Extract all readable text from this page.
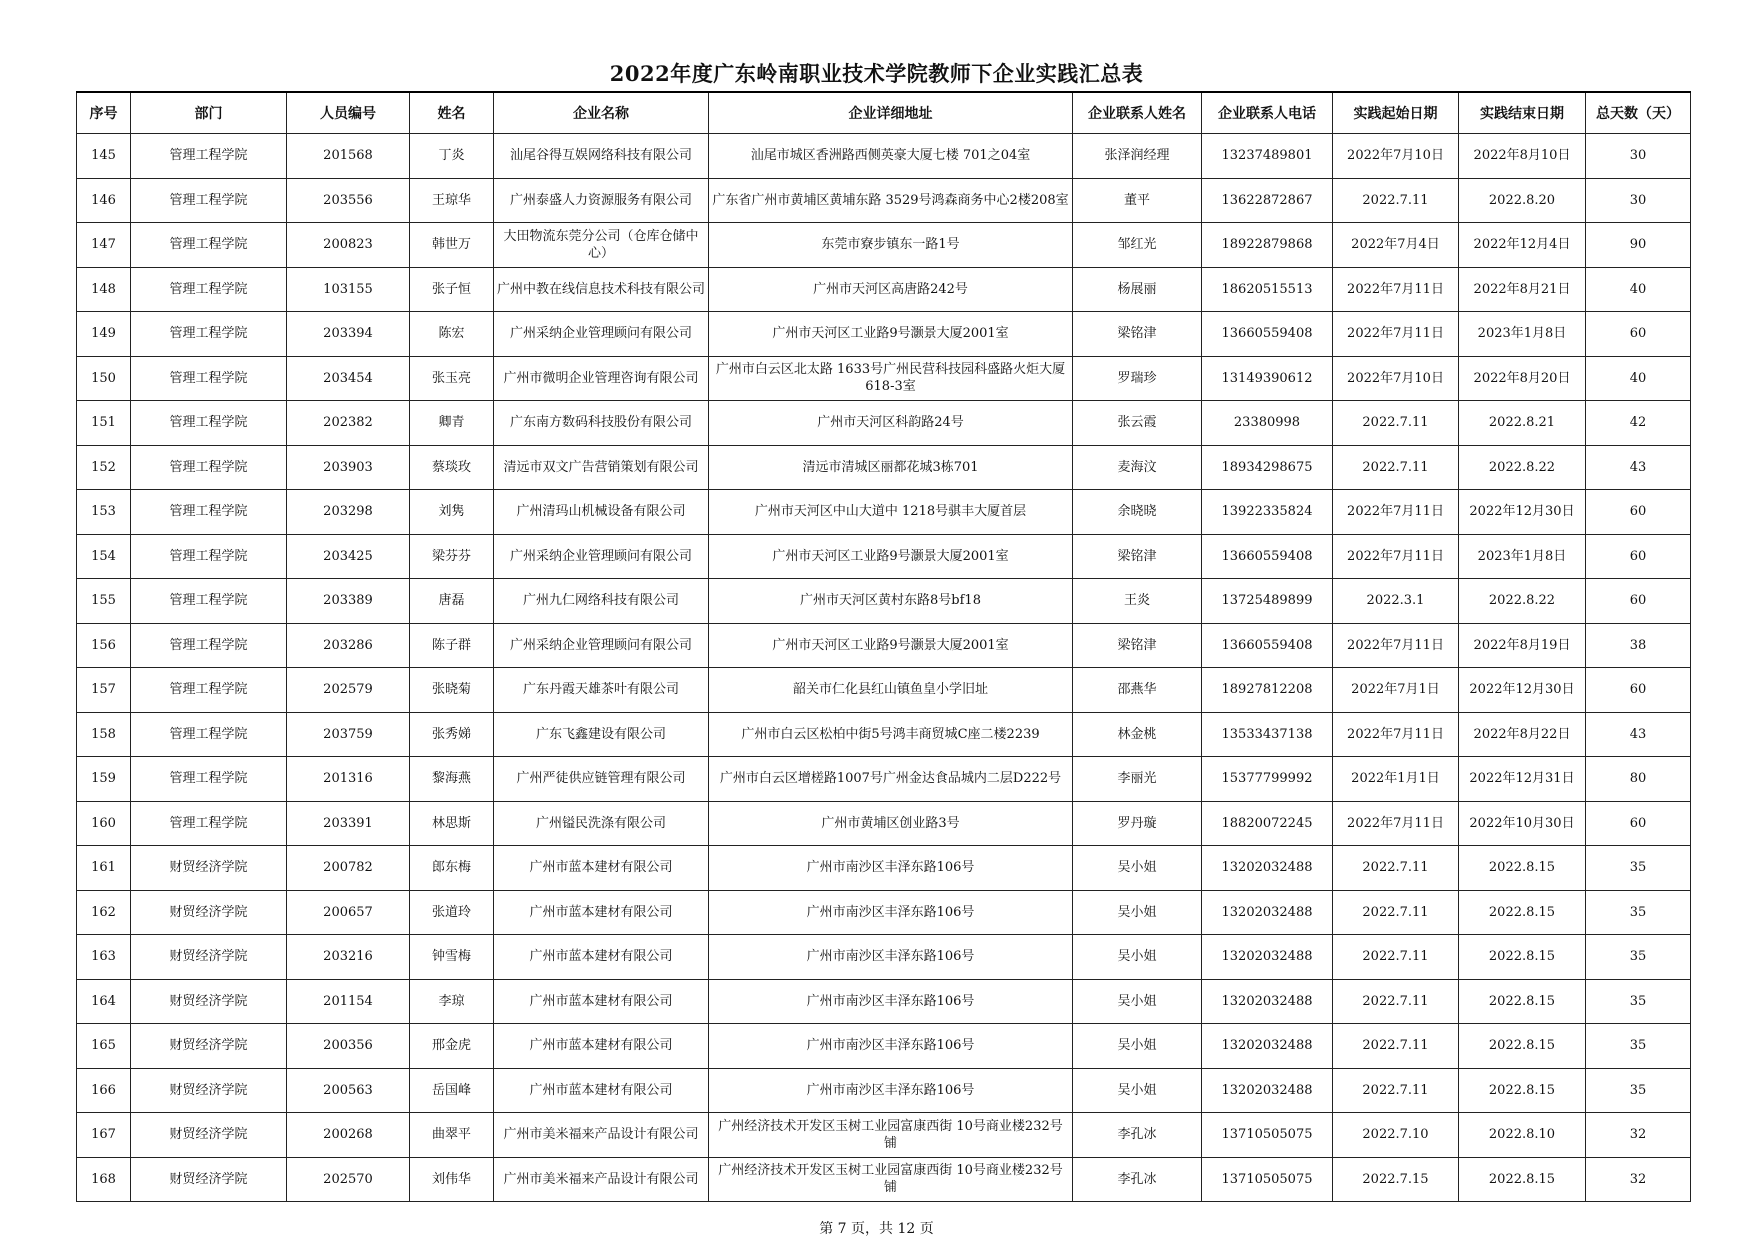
2022年度广东岭南职业技术学院教师下企业实践汇总表
序号	部门	人员编号	姓名	企业名称	企业详细地址	企业联系人姓名	企业联系人电话	实践起始日期	实践结束日期	总天数（天）
145	管理工程学院	201568	丁炎	汕尾谷得互娱网络科技有限公司	汕尾市城区香洲路西侧英豪大厦七楼 701之04室	张泽润经理	13237489801	2022年7月10日	2022年8月10日	30
146	管理工程学院	203556	王琼华	广州泰盛人力资源服务有限公司	广东省广州市黄埔区黄埔东路 3529号鸿森商务中心2楼208室	董平	13622872867	2022.7.11	2022.8.20	30
147	管理工程学院	200823	韩世万	大田物流东莞分公司（仓库仓储中心）	东莞市寮步镇东一路1号	邹红光	18922879868	2022年7月4日	2022年12月4日	90
148	管理工程学院	103155	张子恒	广州中教在线信息技术科技有限公司	广州市天河区高唐路242号	杨展丽	18620515513	2022年7月11日	2022年8月21日	40
149	管理工程学院	203394	陈宏	广州采纳企业管理顾问有限公司	广州市天河区工业路9号灏景大厦2001室	梁铭津	13660559408	2022年7月11日	2023年1月8日	60
150	管理工程学院	203454	张玉亮	广州市微明企业管理咨询有限公司	广州市白云区北太路 1633号广州民营科技园科盛路火炬大厦618-3室	罗瑞珍	13149390612	2022年7月10日	2022年8月20日	40
151	管理工程学院	202382	卿青	广东南方数码科技股份有限公司	广州市天河区科韵路24号	张云霞	23380998	2022.7.11	2022.8.21	42
152	管理工程学院	203903	蔡琰玫	清远市双文广告营销策划有限公司	清远市清城区丽都花城3栋701	麦海汶	18934298675	2022.7.11	2022.8.22	43
153	管理工程学院	203298	刘隽	广州清玛山机械设备有限公司	广州市天河区中山大道中 1218号骐丰大厦首层	余晓晓	13922335824	2022年7月11日	2022年12月30日	60
154	管理工程学院	203425	梁芬芬	广州采纳企业管理顾问有限公司	广州市天河区工业路9号灏景大厦2001室	梁铭津	13660559408	2022年7月11日	2023年1月8日	60
155	管理工程学院	203389	唐磊	广州九仁网络科技有限公司	广州市天河区黄村东路8号bf18	王炎	13725489899	2022.3.1	2022.8.22	60
156	管理工程学院	203286	陈子群	广州采纳企业管理顾问有限公司	广州市天河区工业路9号灏景大厦2001室	梁铭津	13660559408	2022年7月11日	2022年8月19日	38
157	管理工程学院	202579	张晓菊	广东丹霞天雄茶叶有限公司	韶关市仁化县红山镇鱼皇小学旧址	邵燕华	18927812208	2022年7月1日	2022年12月30日	60
158	管理工程学院	203759	张秀娣	广东飞鑫建设有限公司	广州市白云区松柏中街5号鸿丰商贸城C座二楼2239	林金桃	13533437138	2022年7月11日	2022年8月22日	43
159	管理工程学院	201316	黎海燕	广州严徒供应链管理有限公司	广州市白云区增槎路1007号广州金达食品城内二层D222号	李丽光	15377799992	2022年1月1日	2022年12月31日	80
160	管理工程学院	203391	林思斯	广州镒民洗涤有限公司	广州市黄埔区创业路3号	罗丹璇	18820072245	2022年7月11日	2022年10月30日	60
161	财贸经济学院	200782	郎东梅	广州市蓝本建材有限公司	广州市南沙区丰泽东路106号	吴小姐	13202032488	2022.7.11	2022.8.15	35
162	财贸经济学院	200657	张道玲	广州市蓝本建材有限公司	广州市南沙区丰泽东路106号	吴小姐	13202032488	2022.7.11	2022.8.15	35
163	财贸经济学院	203216	钟雪梅	广州市蓝本建材有限公司	广州市南沙区丰泽东路106号	吴小姐	13202032488	2022.7.11	2022.8.15	35
164	财贸经济学院	201154	李琼	广州市蓝本建材有限公司	广州市南沙区丰泽东路106号	吴小姐	13202032488	2022.7.11	2022.8.15	35
165	财贸经济学院	200356	邢金虎	广州市蓝本建材有限公司	广州市南沙区丰泽东路106号	吴小姐	13202032488	2022.7.11	2022.8.15	35
166	财贸经济学院	200563	岳国峰	广州市蓝本建材有限公司	广州市南沙区丰泽东路106号	吴小姐	13202032488	2022.7.11	2022.8.15	35
167	财贸经济学院	200268	曲翠平	广州市美米福来产品设计有限公司	广州经济技术开发区玉树工业园富康西街 10号商业楼232号铺	李孔冰	13710505075	2022.7.10	2022.8.10	32
168	财贸经济学院	202570	刘伟华	广州市美米福来产品设计有限公司	广州经济技术开发区玉树工业园富康西街 10号商业楼232号铺	李孔冰	13710505075	2022.7.15	2022.8.15	32
第 7 页，共 12 页
